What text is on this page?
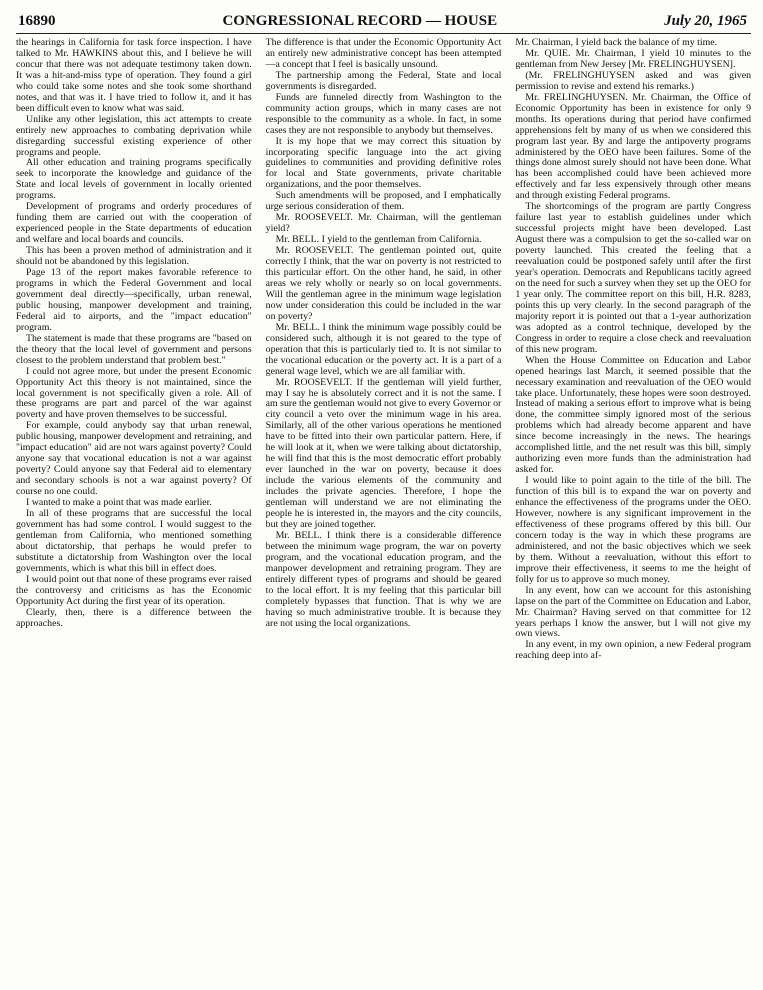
16890	CONGRESSIONAL RECORD — HOUSE	July 20, 1965

the hearings in California for task force inspection. I have talked to Mr. HAWKINS about this, and I believe he will concur that there was not adequate testimony taken down. It was a hit-and-miss type of operation. They found a girl who could take some notes and she took some shorthand notes, and that was it. I have tried to follow it, and it has been difficult even to know what was said.

Unlike any other legislation, this act attempts to create entirely new approaches to combating deprivation while disregarding successful existing experience of other programs and people.

All other education and training programs specifically seek to incorporate the knowledge and guidance of the State and local levels of government in locally oriented programs.

Development of programs and orderly procedures of funding them are carried out with the cooperation of experienced people in the State departments of education and welfare and local boards and councils.

This has been a proven method of administration and it should not be abandoned by this legislation.

Page 13 of the report makes favorable reference to programs in which the Federal Government and local government deal directly—specifically, urban renewal, public housing, manpower development and training, Federal aid to airports, and the "impact education" program.

The statement is made that these programs are "based on the theory that the local level of government and persons closest to the problem understand that problem best."

I could not agree more, but under the present Economic Opportunity Act this theory is not maintained, since the local government is not specifically given a role. All of these programs are part and parcel of the war against poverty and have proven themselves to be successful.

For example, could anybody say that urban renewal, public housing, manpower development and retraining, and "impact education" aid are not wars against poverty? Could anyone say that vocational education is not a war against poverty? Could anyone say that Federal aid to elementary and secondary schools is not a war against poverty? Of course no one could.

I wanted to make a point that was made earlier.

In all of these programs that are successful the local government has had some control. I would suggest to the gentleman from California, who mentioned something about dictatorship, that perhaps he would prefer to substitute a dictatorship from Washington over the local governments, which is what this bill in effect does.

I would point out that none of these programs ever raised the controversy and criticisms as has the Economic Opportunity Act during the first year of its operation.

Clearly, then, there is a difference between the approaches.

The difference is that under the Economic Opportunity Act an entirely new administrative concept has been attempted—a concept that I feel is basically unsound.

The partnership among the Federal, State and local governments is disregarded.

Funds are funneled directly from Washington to the community action groups, which in many cases are not responsible to the community as a whole. In fact, in some cases they are not responsible to anybody but themselves.

It is my hope that we may correct this situation by incorporating specific language into the act giving guidelines to communities and providing definitive roles for local and State governments, private charitable organizations, and the poor themselves.

Such amendments will be proposed, and I emphatically urge serious consideration of them.

Mr. ROOSEVELT. Mr. Chairman, will the gentleman yield?

Mr. BELL. I yield to the gentleman from California.

Mr. ROOSEVELT. The gentleman pointed out, quite correctly I think, that the war on poverty is not restricted to this particular effort. On the other hand, he said, in other areas we rely wholly or nearly so on local governments. Will the gentleman agree in the minimum wage legislation now under consideration this could be included in the war on poverty?

Mr. BELL. I think the minimum wage possibly could be considered such, although it is not geared to the type of operation that this is particularly tied to. It is not similar to the vocational education or the poverty act. It is a part of a general wage level, which we are all familiar with.

Mr. ROOSEVELT. If the gentleman will yield further, may I say he is absolutely correct and it is not the same. I am sure the gentleman would not give to every Governor or city council a veto over the minimum wage in his area. Similarly, all of the other various operations he mentioned have to be fitted into their own particular pattern. Here, if he will look at it, when we were talking about dictatorship, he will find that this is the most democratic effort probably ever launched in the war on poverty, because it does include the various elements of the community and includes the private agencies. Therefore, I hope the gentleman will understand we are not eliminating the people he is interested in, the mayors and the city councils, but they are joined together.

Mr. BELL. I think there is a considerable difference between the minimum wage program, the war on poverty program, and the vocational education program, and the manpower development and retraining program. They are entirely different types of programs and should be geared to the local effort. It is my feeling that this particular bill completely bypasses that function. That is why we are having so much administrative trouble. It is because they are not using the local organizations.

Mr. Chairman, I yield back the balance of my time.

Mr. QUIE. Mr. Chairman, I yield 10 minutes to the gentleman from New Jersey [Mr. FRELINGHUYSEN].

(Mr. FRELINGHUYSEN asked and was given permission to revise and extend his remarks.)

Mr. FRELINGHUYSEN. Mr. Chairman, the Office of Economic Opportunity has been in existence for only 9 months. Its operations during that period have confirmed apprehensions felt by many of us when we considered this program last year. By and large the antipoverty programs administered by the OEO have been failures. Some of the things done almost surely should not have been done. What has been accomplished could have been achieved more effectively and far less expensively through other means and through existing Federal programs.

The shortcomings of the program are partly Congress failure last year to establish guidelines under which successful projects might have been developed. Last August there was a compulsion to get the so-called war on poverty launched. This created the feeling that a reevaluation could be postponed safely until after the first year's operation. Democrats and Republicans tacitly agreed on the need for such a survey when they set up the OEO for 1 year only. The committee report on this bill, H.R. 8283, points this up very clearly. In the second paragraph of the majority report it is pointed out that a 1-year authorization was adopted as a control technique, developed by the Congress in order to require a close check and reevaluation of this new program.

When the House Committee on Education and Labor opened hearings last March, it seemed possible that the necessary examination and reevaluation of the OEO would take place. Unfortunately, these hopes were soon destroyed. Instead of making a serious effort to improve what is being done, the committee simply ignored most of the serious problems which had already become apparent and have since become increasingly in the news. The hearings accomplished little, and the net result was this bill, simply authorizing even more funds than the administration had asked for.

I would like to point again to the title of the bill. The function of this bill is to expand the war on poverty and enhance the effectiveness of the programs under the OEO. However, nowhere is any significant improvement in the effectiveness of these programs offered by this bill. Our concern today is the way in which these programs are administered, and not the basic objectives which we seek by them. Without a reevaluation, without this effort to improve their effectiveness, it seems to me the height of folly for us to approve so much money.

In any event, how can we account for this astonishing lapse on the part of the Committee on Education and Labor, Mr. Chairman? Having served on that committee for 12 years perhaps I know the answer, but I will not give my own views.

In any event, in my own opinion, a new Federal program reaching deep into af-
